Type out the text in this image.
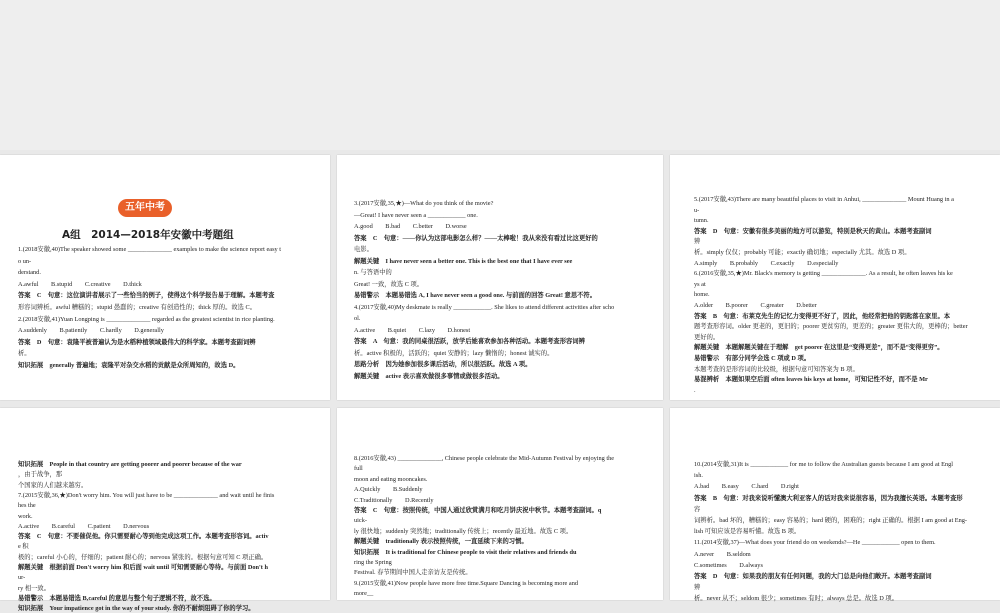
五年中考
A组　2014—2018年安徽中考题组
1.(2018安徽,40)The speaker showed some ______________ examples to make the science report easy t
o un-
derstand.
A.awful　　B.stupid　　C.creative　　D.thick
答案　C　句意：这位演讲者展示了一些恰当的例子，使得这个科学报告易于理解。本题考查
形容词辨析。awful 糟糕的；stupid 愚蠢的；creative 有创造性的；thick 厚的。故选 C。
2.(2018安徽,41)Yuan Longping is ______________ regarded as the greatest scientist in rice planting.
A.suddenly　　B.patiently　　C.hardly　　D.generally
答案　D　句意：袁隆平被普遍认为是水稻种植领域最伟大的科学家。本题考查副词辨
析。
知识拓展　generally 普遍地；袁隆平对杂交水稻的贡献是众所周知的，故选 D。
3.(2017安徽,35,★)—What do you think of the movie?
—Great! I have never seen a ____________ one.
A.good　　B.bad　　C.better　　D.worse
答案　C　句意：——你认为这部电影怎么样？——太棒啦！我从来没有看过比这更好的
电影。
解题关键　I have never seen a better one. This is the best one that I have ever see
n. 与答语中的
Great! 一致，故选 C 项。
易错警示　本题易错选 A, I have never seen a good one. 与前面的回答 Great! 意思不符。
4.(2017安徽,40)My deskmate is really ____________. She likes to attend different activities after scho
ol.
A.active　　B.quiet　　C.lazy　　D.honest
答案　A　句意：我的同桌很活跃，放学后她喜欢参加各种活动。本题考查形容词辨
析。active 积极的，活跃的；quiet 安静的；lazy 懒惰的；honest 诚实的。
思路分析　因为她参加很多课后活动，所以很活跃。故选 A 项。
解题关键　active 表示喜欢做很多事情或做很多活动。
5.(2017安徽,43)There are many beautiful places to visit in Anhui, ______________ Mount Huang in a
u-
tumn.
答案　D　句意：安徽有很多美丽的地方可以游览，特别是秋天的黄山。本题考查副词
辨
析。simply 仅仅；probably 可能；exactly 确切地；especially 尤其。故选 D 项。
A.simply　　B.probably　　C.exactly　　D.especially
6.(2016安徽,35,★)Mr. Black's memory is getting ______________. As a result, he often leaves his ke
ys at
home.
A.older　　B.poorer　　C.greater　　D.better
答案　B　句意：布莱克先生的记忆力变得更不好了，因此，他经常把他的钥匙落在家里。本
题考查形容词。older 更老的，更旧的；poorer 更贫穷的，更差的；greater 更伟大的，更棒的；better
更好的。
解题关键　本题解题关键在于理解　get poorer 在这里是“变得更差”，而不是“变得更穷”。
易错警示　有部分同学会选 C 项或 D 项。
本题考查的是形容词的比较级，根据句意可知答案为 B 项。
易混辨析　本题如果空后面 often leaves his keys at home，可知记性不好，而不是 Mr
.
知识拓展　People in that country are getting poorer and poorer because of the war
，由于战争，那
个国家的人们越来越穷。
7.(2015安徽,36,★)Don't worry him. You will just have to be ______________ and wait until he finis
hes the
work.
A.active　　B.careful　　C.patient　　D.nervous
答案　C　句意：不要催促他。你只需要耐心等到他完成这项工作。本题考查形容词。activ
e 积
极的；careful 小心的，仔细的；patient 耐心的；nervous 紧张的。根据句意可知 C 项正确。
解题关键　根据前面 Don't worry him 和后面 wait until 可知需要耐心等待。与前面 Don't h
ur-
ry 相一致。
易错警示　本题易错选 B,careful 的意思与整个句子逻辑不符，故不选。
知识拓展　Your impatience got in the way of your study. 你的不耐烦阻碍了你的学习。
8.(2016安徽,43) ______________, Chinese people celebrate the Mid-Autumn Festival by enjoying the
full
moon and eating mooncakes.
A.Quickly　　B.Suddenly
C.Traditionally　　D.Recently
答案　C　句意：按照传统，中国人通过欣赏满月和吃月饼庆祝中秋节。本题考查副词。q
uick-
ly 很快地；suddenly 突然地；traditionally 传统上；recently 最近地。故选 C 项。
解题关键　traditionally 表示按照传统，一直延续下来的习惯。
知识拓展　It is traditional for Chinese people to visit their relatives and friends du
ring the Spring
Festival. 春节期间中国人走亲访友是传统。
9.(2015安徽,41)Now people have more free time.Square Dancing is becoming more and
more__
10.(2014安徽,31)It is ____________ for me to follow the Australian guests because I am good at Engl
ish.
A.bad　　B.easy　　C.hard　　D.right
答案　B　句意：对我来说听懂澳大利亚客人的话对我来说很容易，因为我擅长英语。本题考查形
容
词辨析。bad 坏的，糟糕的；easy 容易的；hard 硬的，困难的；right 正确的。根据 I am good at Eng-
lish 可知应该是容易听懂。故选 B 项。
11.(2014安徽,37)—What does your friend do on weekends?—He ____________ open to them.
A.never　　B.seldom
C.sometimes　　D.always
答案　D　句意：如果我的朋友有任何问题，我的大门总是向他们敞开。本题考查副词
辨
析。never 从不；seldom 很少；sometimes 有时；always 总是。故选 D 项。
